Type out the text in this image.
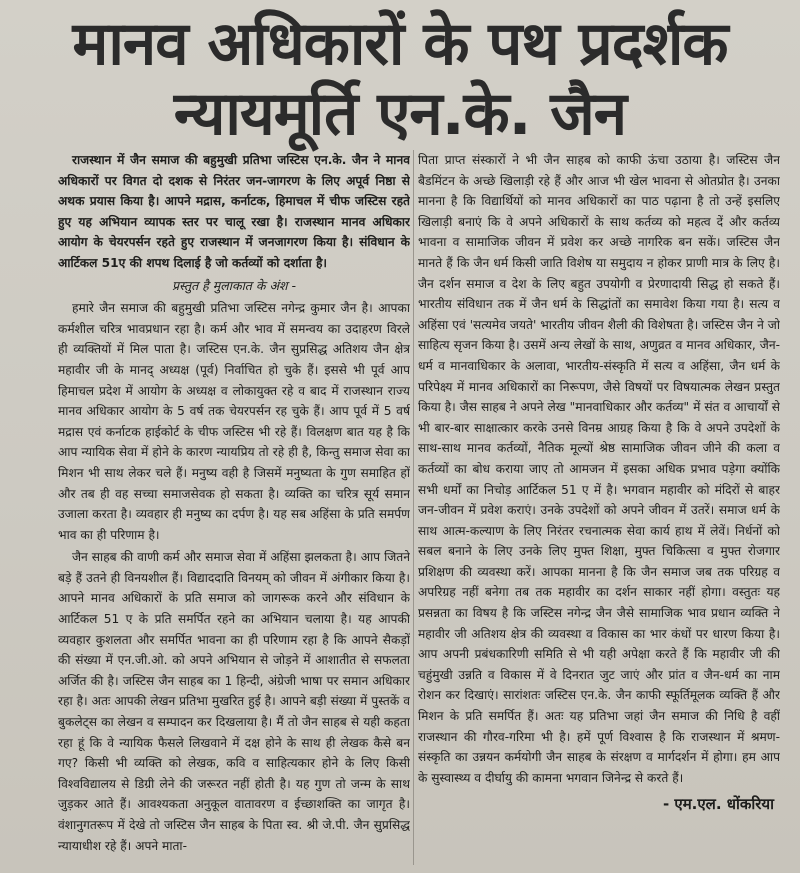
मानव अधिकारों के पथ प्रदर्शक
न्यायमूर्ति एन.के. जैन

राजस्थान में जैन समाज की बहुमुखी प्रतिभा जस्टिस एन.के. जैन ने मानव अधिकारों पर विगत दो दशक से निरंतर जन-जागरण के लिए अपूर्व निष्ठा से अथक प्रयास किया है। आपने मद्रास, कर्नाटक, हिमाचल में चीफ जस्टिस रहते हुए यह अभियान व्यापक स्तर पर चालू रखा है। राजस्थान मानव अधिकार आयोग के चेयरपर्सन रहते हुए राजस्थान में जनजागरण किया है। संविधान के आर्टिकल 51ए की शपथ दिलाई है जो कर्तव्यों को दर्शाता है।

प्रस्तुत है मुलाकात के अंश -

हमारे जैन समाज की बहुमुखी प्रतिभा जस्टिस नगेन्द्र कुमार जैन है। आपका कर्मशील चरित्र भावप्रधान रहा है। कर्म और भाव में समन्वय का उदाहरण विरले ही व्यक्तियों में मिल पाता है। जस्टिस एन.के. जैन सुप्रसिद्ध अतिशय जैन क्षेत्र महावीर जी के मानद् अध्यक्ष (पूर्व) निर्वाचित हो चुके हैं। इससे भी पूर्व आप हिमाचल प्रदेश में आयोग के अध्यक्ष व लोकायुक्त रहे व बाद में राजस्थान राज्य मानव अधिकार आयोग के 5 वर्ष तक चेयरपर्सन रह चुके हैं। आप पूर्व में 5 वर्ष मद्रास एवं कर्नाटक हाईकोर्ट के चीफ जस्टिस भी रहे हैं। विलक्षण बात यह है कि आप न्यायिक सेवा में होने के कारण न्यायप्रिय तो रहे ही है, किन्तु समाज सेवा का मिशन भी साथ लेकर चले हैं। मनुष्य वही है जिसमें मनुष्यता के गुण समाहित हों और तब ही वह सच्चा समाजसेवक हो सकता है। व्यक्ति का चरित्र सूर्य समान उजाला करता है। व्यवहार ही मनुष्य का दर्पण है। यह सब अहिंसा के प्रति समर्पण भाव का ही परिणाम है।

जैन साहब की वाणी कर्म और समाज सेवा में अहिंसा झलकता है। आप जितने बड़े हैं उतने ही विनयशील हैं। विद्याददाति विनयम् को जीवन में अंगीकार किया है। आपने मानव अधिकारों के प्रति समाज को जागरूक करने और संविधान के आर्टिकल 51 ए के प्रति समर्पित रहने का अभियान चलाया है। यह आपकी व्यवहार कुशलता और समर्पित भावना का ही परिणाम रहा है कि आपने सैकड़ों की संख्या में एन.जी.ओ. को अपने अभियान से जोड़ने में आशातीत से सफलता अर्जित की है। जस्टिस जैन साहब का 1 हिन्दी, अंग्रेजी भाषा पर समान अधिकार रहा है। अतः आपकी लेखन प्रतिभा मुखरित हुई है। आपने बड़ी संख्या में पुस्तकें व बुकलेट्स का लेखन व सम्पादन कर दिखलाया है। मैं तो जैन साहब से यही कहता रहा हूं कि वे न्यायिक फैसले लिखवाने में दक्ष होने के साथ ही लेखक कैसे बन गए? किसी भी व्यक्ति को लेखक, कवि व साहित्यकार होने के लिए किसी विश्वविद्यालय से डिग्री लेने की जरूरत नहीं होती है। यह गुण तो जन्म के साथ जुड़कर आते हैं। आवश्यकता अनुकूल वातावरण व ईच्छाशक्ति का जागृत है। वंशानुगतरूप में देखे तो जस्टिस जैन साहब के पिता स्व. श्री जे.पी. जैन सुप्रसिद्ध न्यायाधीश रहे हैं। अपने माता-

पिता प्राप्त संस्कारों ने भी जैन साहब को काफी ऊंचा उठाया है। जस्टिस जैन बैडमिंटन के अच्छे खिलाड़ी रहे हैं और आज भी खेल भावना से ओतप्रोत है। उनका मानना है कि विद्यार्थियों को मानव अधिकारों का पाठ पढ़ाना है तो उन्हें इसलिए खिलाड़ी बनाएं कि वे अपने अधिकारों के साथ कर्तव्य को महत्व दें और कर्तव्य भावना व सामाजिक जीवन में प्रवेश कर अच्छे नागरिक बन सकें। जस्टिस जैन मानते हैं कि जैन धर्म किसी जाति विशेष या समुदाय न होकर प्राणी मात्र के लिए है। जैन दर्शन समाज व देश के लिए बहुत उपयोगी व प्रेरणादायी सिद्ध हो सकते हैं। भारतीय संविधान तक में जैन धर्म के सिद्धांतों का समावेश किया गया है। सत्य व अहिंसा एवं 'सत्यमेव जयते' भारतीय जीवन शैली की विशेषता है। जस्टिस जैन ने जो साहित्य सृजन किया है। उसमें अन्य लेखों के साथ, अणुव्रत व मानव अधिकार, जैन-धर्म व मानवाधिकार के अलावा, भारतीय-संस्कृति में सत्य व अहिंसा, जैन धर्म के परिपेक्ष्य में मानव अधिकारों का निरूपण, जैसे विषयों पर विषयात्मक लेखन प्रस्तुत किया है। जैस साहब ने अपने लेख "मानवाधिकार और कर्तव्य" में संत व आचार्यों से भी बार-बार साक्षात्कार करके उनसे विनम्र आग्रह किया है कि वे अपने उपदेशों के साथ-साथ मानव कर्तव्यों, नैतिक मूल्यों श्रेष्ठ सामाजिक जीवन जीने की कला व कर्तव्यों का बोध कराया जाए तो आमजन में इसका अधिक प्रभाव पड़ेगा क्योंकि सभी धर्मों का निचोड़ आर्टिकल 51 ए में है। भगवान महावीर को मंदिरों से बाहर जन-जीवन में प्रवेश कराएं। उनके उपदेशों को अपने जीवन में उतरें। समाज धर्म के साथ आत्म-कल्याण के लिए निरंतर रचनात्मक सेवा कार्य हाथ में लेवें। निर्धनों को सबल बनाने के लिए उनके लिए मुफ्त शिक्षा, मुफ्त चिकित्सा व मुफ्त रोजगार प्रशिक्षण की व्यवस्था करें। आपका मानना है कि जैन समाज जब तक परिग्रह व अपरिग्रह नहीं बनेगा तब तक महावीर का दर्शन साकार नहीं होगा। वस्तुतः यह प्रसन्नता का विषय है कि जस्टिस नगेन्द्र जैन जैसे सामाजिक भाव प्रधान व्यक्ति ने महावीर जी अतिशय क्षेत्र की व्यवस्था व विकास का भार कंधों पर धारण किया है। आप अपनी प्रबंधकारिणी समिति से भी यही अपेक्षा करते हैं कि महावीर जी की चहुंमुखी उन्नति व विकास में वे दिनरात जुट जाएं और प्रांत व जैन-धर्म का नाम रोशन कर दिखाएं। सारांशतः जस्टिस एन.के. जैन काफी स्फूर्तिमूलक व्यक्ति हैं और मिशन के प्रति समर्पित हैं। अतः यह प्रतिभा जहां जैन समाज की निधि है वहीं राजस्थान की गौरव-गरिमा भी है। हमें पूर्ण विश्वास है कि राजस्थान में श्रमण-संस्कृति का उन्नयन कर्मयोगी जैन साहब के संरक्षण व मार्गदर्शन में होगा। हम आप के सुस्वास्थ्य व दीर्घायु की कामना भगवान जिनेन्द्र से करते हैं।

- एम.एल. धोंकरिया
